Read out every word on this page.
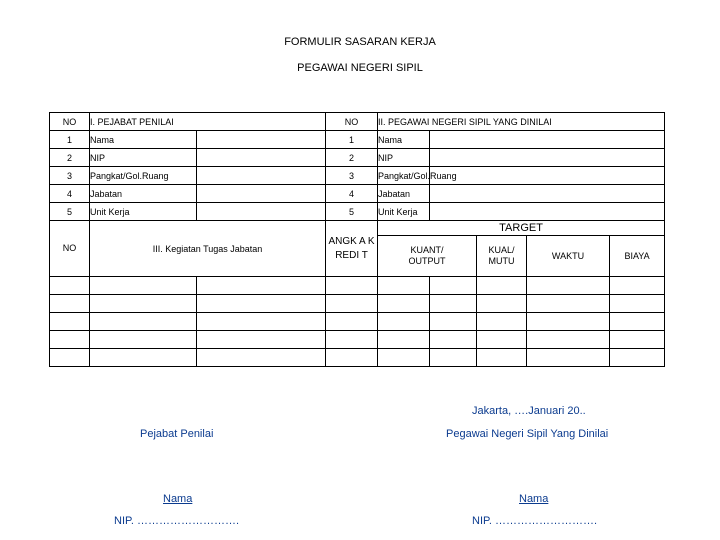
FORMULIR SASARAN KERJA
PEGAWAI NEGERI SIPIL
NO	I. PEJABAT PENILAI		NO	II. PEGAWAI NEGERI SIPIL YANG DINILAI				
1	Nama		1	Nama				
2	NIP		2	NIP				
3	Pangkat/Gol.Ruang		3	Pangkat/Gol.Ruang				
4	Jabatan		4	Jabatan				
5	Unit Kerja		5	Unit Kerja				
NO	III. Kegiatan Tugas Jabatan		ANGK A KREDI T	TARGET				
				KUANT/ OUTPUT		KUAL/ MUTU	WAKTU	BIAYA

Jakarta, ….Januari 20..
Pejabat Penilai	Pegawai Negeri Sipil Yang Dinilai
Nama	Nama
NIP. ……………………….	NIP. ……………………….
